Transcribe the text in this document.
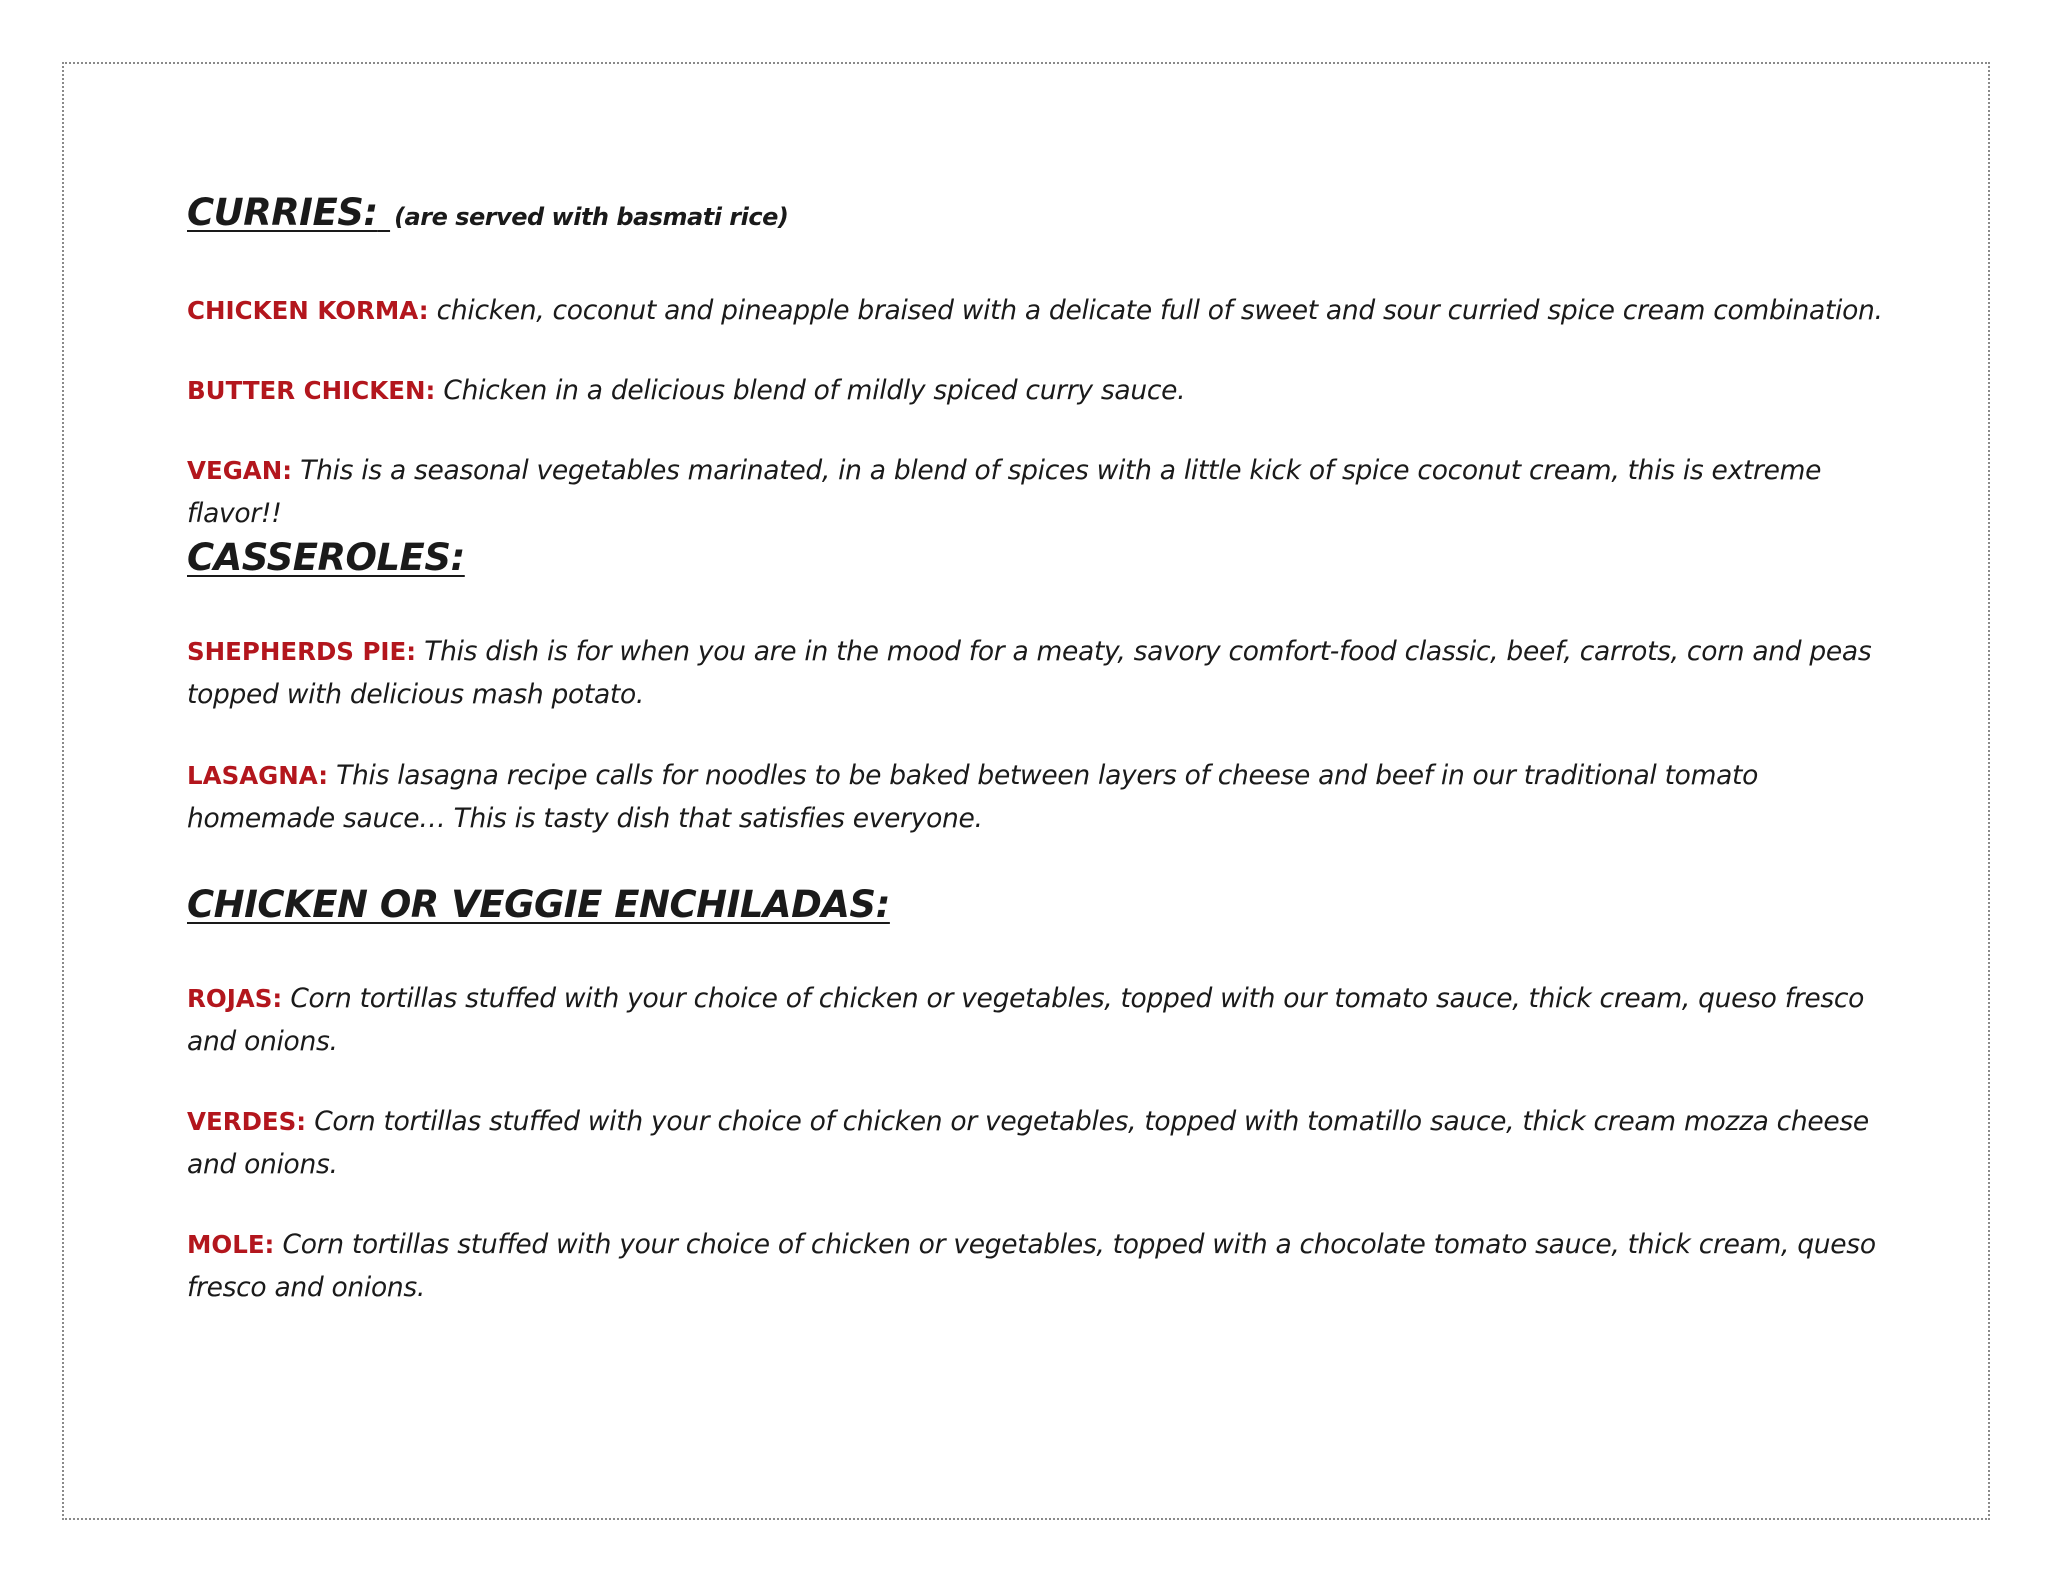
CURRIES: (are served with basmati rice)

CHICKEN KORMA: chicken, coconut and pineapple braised with a delicate full of sweet and sour curried spice cream combination.

BUTTER CHICKEN: Chicken in a delicious blend of mildly spiced curry sauce.

VEGAN: This is a seasonal vegetables marinated, in a blend of spices with a little kick of spice coconut cream, this is extreme flavor!!

CASSEROLES:

SHEPHERDS PIE: This dish is for when you are in the mood for a meaty, savory comfort-food classic, beef, carrots, corn and peas topped with delicious mash potato.

LASAGNA: This lasagna recipe calls for noodles to be baked between layers of cheese and beef in our traditional tomato homemade sauce… This is tasty dish that satisfies everyone.

CHICKEN OR VEGGIE ENCHILADAS:

ROJAS: Corn tortillas stuffed with your choice of chicken or vegetables, topped with our tomato sauce, thick cream, queso fresco and onions.

VERDES: Corn tortillas stuffed with your choice of chicken or vegetables, topped with tomatillo sauce, thick cream mozza cheese and onions.

MOLE: Corn tortillas stuffed with your choice of chicken or vegetables, topped with a chocolate tomato sauce, thick cream, queso fresco and onions.
